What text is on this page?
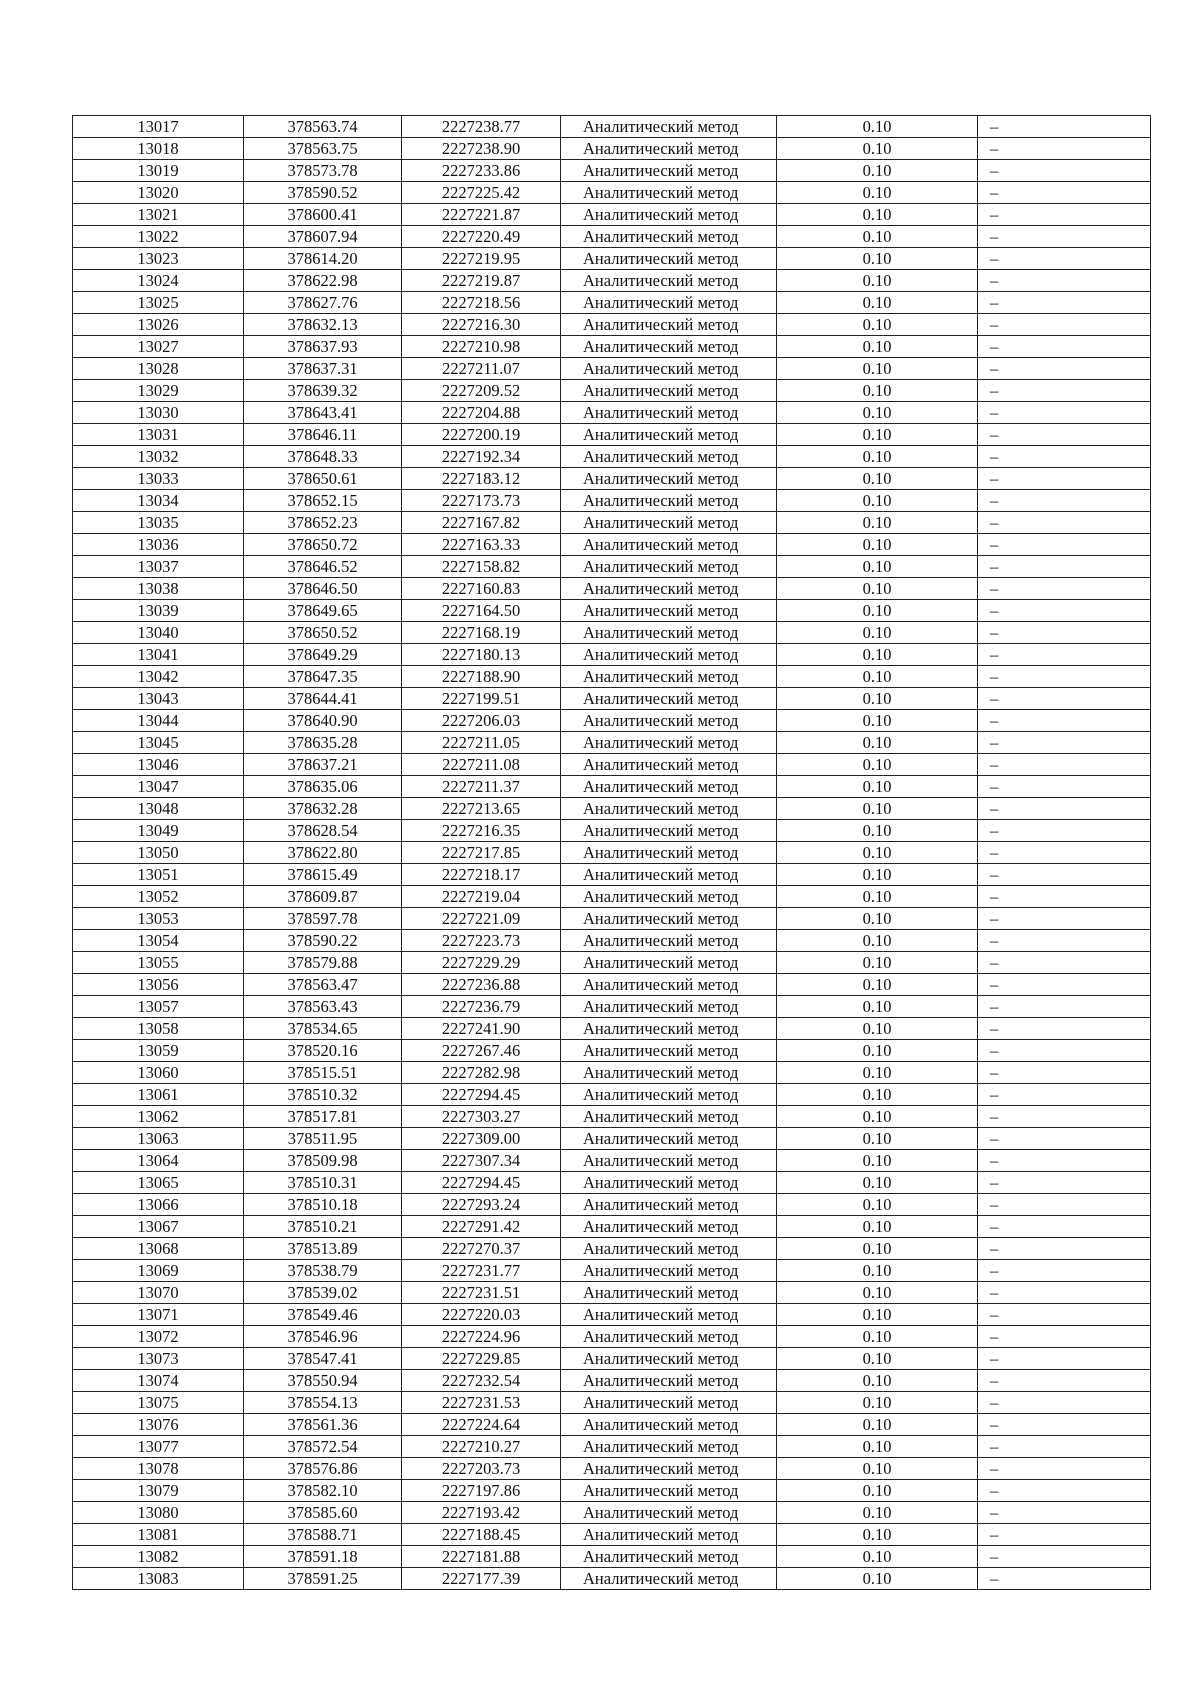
13017	378563.74	2227238.77	Аналитический метод	0.10	–
13018	378563.75	2227238.90	Аналитический метод	0.10	–
13019	378573.78	2227233.86	Аналитический метод	0.10	–
13020	378590.52	2227225.42	Аналитический метод	0.10	–
13021	378600.41	2227221.87	Аналитический метод	0.10	–
13022	378607.94	2227220.49	Аналитический метод	0.10	–
13023	378614.20	2227219.95	Аналитический метод	0.10	–
13024	378622.98	2227219.87	Аналитический метод	0.10	–
13025	378627.76	2227218.56	Аналитический метод	0.10	–
13026	378632.13	2227216.30	Аналитический метод	0.10	–
13027	378637.93	2227210.98	Аналитический метод	0.10	–
13028	378637.31	2227211.07	Аналитический метод	0.10	–
13029	378639.32	2227209.52	Аналитический метод	0.10	–
13030	378643.41	2227204.88	Аналитический метод	0.10	–
13031	378646.11	2227200.19	Аналитический метод	0.10	–
13032	378648.33	2227192.34	Аналитический метод	0.10	–
13033	378650.61	2227183.12	Аналитический метод	0.10	–
13034	378652.15	2227173.73	Аналитический метод	0.10	–
13035	378652.23	2227167.82	Аналитический метод	0.10	–
13036	378650.72	2227163.33	Аналитический метод	0.10	–
13037	378646.52	2227158.82	Аналитический метод	0.10	–
13038	378646.50	2227160.83	Аналитический метод	0.10	–
13039	378649.65	2227164.50	Аналитический метод	0.10	–
13040	378650.52	2227168.19	Аналитический метод	0.10	–
13041	378649.29	2227180.13	Аналитический метод	0.10	–
13042	378647.35	2227188.90	Аналитический метод	0.10	–
13043	378644.41	2227199.51	Аналитический метод	0.10	–
13044	378640.90	2227206.03	Аналитический метод	0.10	–
13045	378635.28	2227211.05	Аналитический метод	0.10	–
13046	378637.21	2227211.08	Аналитический метод	0.10	–
13047	378635.06	2227211.37	Аналитический метод	0.10	–
13048	378632.28	2227213.65	Аналитический метод	0.10	–
13049	378628.54	2227216.35	Аналитический метод	0.10	–
13050	378622.80	2227217.85	Аналитический метод	0.10	–
13051	378615.49	2227218.17	Аналитический метод	0.10	–
13052	378609.87	2227219.04	Аналитический метод	0.10	–
13053	378597.78	2227221.09	Аналитический метод	0.10	–
13054	378590.22	2227223.73	Аналитический метод	0.10	–
13055	378579.88	2227229.29	Аналитический метод	0.10	–
13056	378563.47	2227236.88	Аналитический метод	0.10	–
13057	378563.43	2227236.79	Аналитический метод	0.10	–
13058	378534.65	2227241.90	Аналитический метод	0.10	–
13059	378520.16	2227267.46	Аналитический метод	0.10	–
13060	378515.51	2227282.98	Аналитический метод	0.10	–
13061	378510.32	2227294.45	Аналитический метод	0.10	–
13062	378517.81	2227303.27	Аналитический метод	0.10	–
13063	378511.95	2227309.00	Аналитический метод	0.10	–
13064	378509.98	2227307.34	Аналитический метод	0.10	–
13065	378510.31	2227294.45	Аналитический метод	0.10	–
13066	378510.18	2227293.24	Аналитический метод	0.10	–
13067	378510.21	2227291.42	Аналитический метод	0.10	–
13068	378513.89	2227270.37	Аналитический метод	0.10	–
13069	378538.79	2227231.77	Аналитический метод	0.10	–
13070	378539.02	2227231.51	Аналитический метод	0.10	–
13071	378549.46	2227220.03	Аналитический метод	0.10	–
13072	378546.96	2227224.96	Аналитический метод	0.10	–
13073	378547.41	2227229.85	Аналитический метод	0.10	–
13074	378550.94	2227232.54	Аналитический метод	0.10	–
13075	378554.13	2227231.53	Аналитический метод	0.10	–
13076	378561.36	2227224.64	Аналитический метод	0.10	–
13077	378572.54	2227210.27	Аналитический метод	0.10	–
13078	378576.86	2227203.73	Аналитический метод	0.10	–
13079	378582.10	2227197.86	Аналитический метод	0.10	–
13080	378585.60	2227193.42	Аналитический метод	0.10	–
13081	378588.71	2227188.45	Аналитический метод	0.10	–
13082	378591.18	2227181.88	Аналитический метод	0.10	–
13083	378591.25	2227177.39	Аналитический метод	0.10	–
